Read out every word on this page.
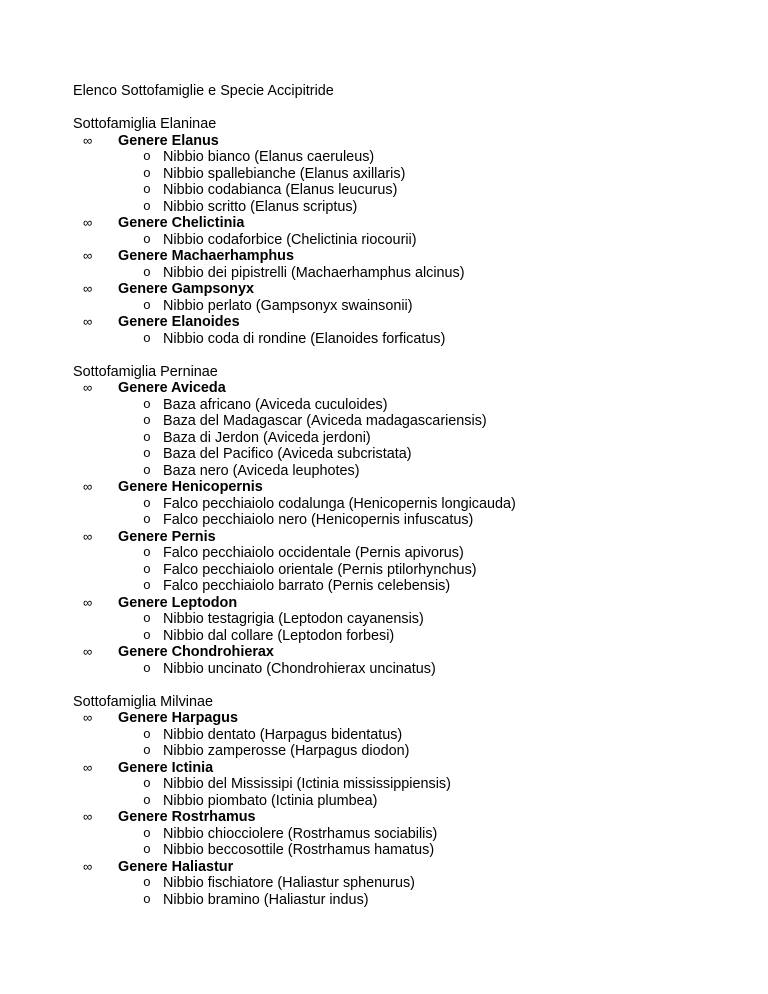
Elenco Sottofamiglie e Specie Accipitride
Sottofamiglia Elaninae
∞ Genere Elanus
o Nibbio bianco (Elanus caeruleus)
o Nibbio spallebianche (Elanus axillaris)
o Nibbio codabianca (Elanus leucurus)
o Nibbio scritto (Elanus scriptus)
∞ Genere Chelictinia
o Nibbio codaforbice (Chelictinia riocourii)
∞ Genere Machaerhamphus
o Nibbio dei pipistrelli (Machaerhamphus alcinus)
∞ Genere Gampsonyx
o Nibbio perlato (Gampsonyx swainsonii)
∞ Genere Elanoides
o Nibbio coda di rondine (Elanoides forficatus)
Sottofamiglia Perninae
∞ Genere Aviceda
o Baza africano (Aviceda cuculoides)
o Baza del Madagascar (Aviceda madagascariensis)
o Baza di Jerdon (Aviceda jerdoni)
o Baza del Pacifico (Aviceda subcristata)
o Baza nero (Aviceda leuphotes)
∞ Genere Henicopernis
o Falco pecchiaiolo codalunga (Henicopernis longicauda)
o Falco pecchiaiolo nero (Henicopernis infuscatus)
∞ Genere Pernis
o Falco pecchiaiolo occidentale (Pernis apivorus)
o Falco pecchiaiolo orientale (Pernis ptilorhynchus)
o Falco pecchiaiolo barrato (Pernis celebensis)
∞ Genere Leptodon
o Nibbio testagrigia (Leptodon cayanensis)
o Nibbio dal collare (Leptodon forbesi)
∞ Genere Chondrohierax
o Nibbio uncinato (Chondrohierax uncinatus)
Sottofamiglia Milvinae
∞ Genere Harpagus
o Nibbio dentato (Harpagus bidentatus)
o Nibbio zamperosse (Harpagus diodon)
∞ Genere Ictinia
o Nibbio del Mississipi (Ictinia mississippiensis)
o Nibbio piombato (Ictinia plumbea)
∞ Genere Rostrhamus
o Nibbio chiocciolere (Rostrhamus sociabilis)
o Nibbio beccosottile (Rostrhamus hamatus)
∞ Genere Haliastur
o Nibbio fischiatore (Haliastur sphenurus)
o Nibbio bramino (Haliastur indus)
